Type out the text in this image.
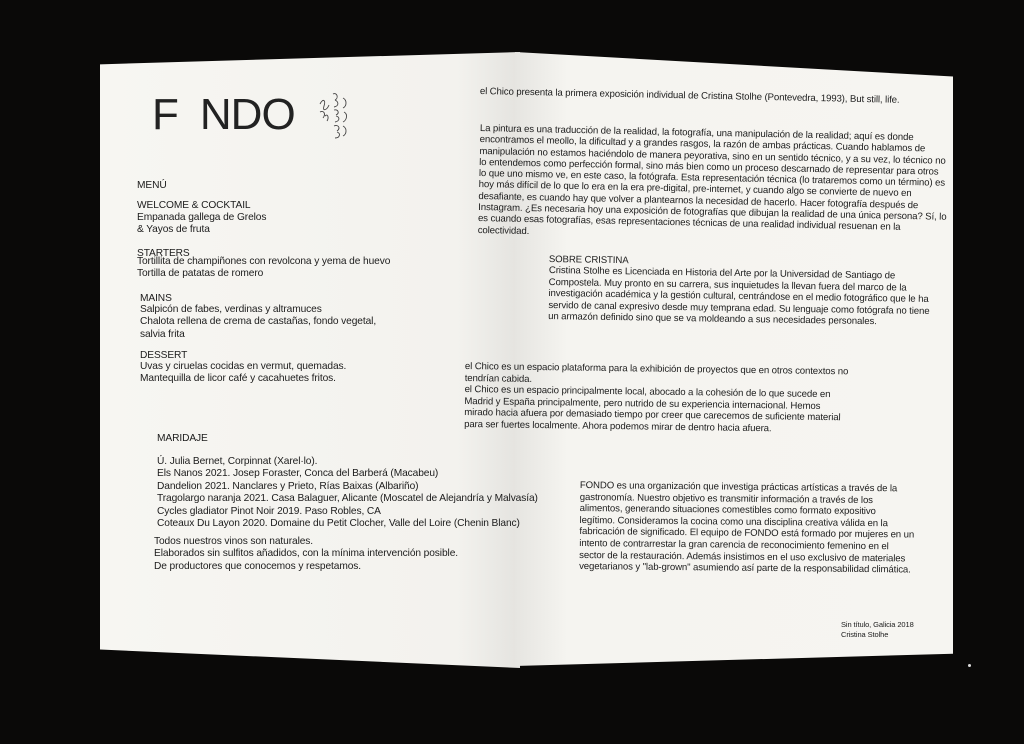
F NDO
MENÚ
WELCOME & COCKTAIL
Empanada gallega de Grelos
& Yayos de fruta
STARTERS
Tortillita de champiñones con revolcona y yema de huevo
Tortilla de patatas de romero
MAINS
Salpicón de fabes, verdinas y altramuces
Chalota rellena de crema de castañas, fondo vegetal,
salvia frita
DESSERT
Uvas y ciruelas cocidas en vermut, quemadas.
Mantequilla de licor café y cacahuetes fritos.
MARIDAJE
Ú. Julia Bernet, Corpinnat (Xarel·lo).
Els Nanos 2021. Josep Foraster, Conca del Barberá (Macabeu)
Dandelion 2021. Nanclares y Prieto, Rías Baixas (Albariño)
Tragolargo naranja 2021. Casa Balaguer, Alicante (Moscatel de Alejandría y Malvasía)
Cycles gladiator Pinot Noir 2019. Paso Robles, CA
Coteaux Du Layon 2020. Domaine du Petit Clocher, Valle del Loire (Chenin Blanc)
Todos nuestros vinos son naturales.
Elaborados sin sulfitos añadidos, con la mínima intervención posible.
De productores que conocemos y respetamos.
el Chico presenta la primera exposición individual de Cristina Stolhe (Pontevedra, 1993), But still, life.
La pintura es una traducción de la realidad, la fotografía, una manipulación de la realidad; aquí es donde
encontramos el meollo, la dificultad y a grandes rasgos, la razón de ambas prácticas. Cuando hablamos de
manipulación no estamos haciéndolo de manera peyorativa, sino en un sentido técnico, y a su vez, lo técnico no
lo entendemos como perfección formal, sino más bien como un proceso descarnado de representar para otros
lo que uno mismo ve, en este caso, la fotógrafa. Esta representación técnica (lo trataremos como un término) es
hoy más difícil de lo que lo era en la era pre-digital, pre-internet, y cuando algo se convierte de nuevo en
desafiante, es cuando hay que volver a plantearnos la necesidad de hacerlo. Hacer fotografía después de
Instagram. ¿Es necesaria hoy una exposición de fotografías que dibujan la realidad de una única persona? Sí, lo
es cuando esas fotografías, esas representaciones técnicas de una realidad individual resuenan en la
colectividad.
SOBRE CRISTINA
Cristina Stolhe es Licenciada en Historia del Arte por la Universidad de Santiago de
Compostela. Muy pronto en su carrera, sus inquietudes la llevan fuera del marco de la
investigación académica y la gestión cultural, centrándose en el medio fotográfico que le ha
servido de canal expresivo desde muy temprana edad. Su lenguaje como fotógrafa no tiene
un armazón definido sino que se va moldeando a sus necesidades personales.
el Chico es un espacio plataforma para la exhibición de proyectos que en otros contextos no
tendrían cabida.
el Chico es un espacio principalmente local, abocado a la cohesión de lo que sucede en
Madrid y España principalmente, pero nutrido de su experiencia internacional. Hemos
mirado hacia afuera por demasiado tiempo por creer que carecemos de suficiente material
para ser fuertes localmente. Ahora podemos mirar de dentro hacia afuera.
FONDO es una organización que investiga prácticas artísticas a través de la
gastronomía. Nuestro objetivo es transmitir información a través de los
alimentos, generando situaciones comestibles como formato expositivo
legítimo. Consideramos la cocina como una disciplina creativa válida en la
fabricación de significado. El equipo de FONDO está formado por mujeres en un
intento de contrarrestar la gran carencia de reconocimiento femenino en el
sector de la restauración. Además insistimos en el uso exclusivo de materiales
vegetarianos y "lab-grown" asumiendo así parte de la responsabilidad climática.
Sin título, Galicia 2018
Cristina Stolhe
